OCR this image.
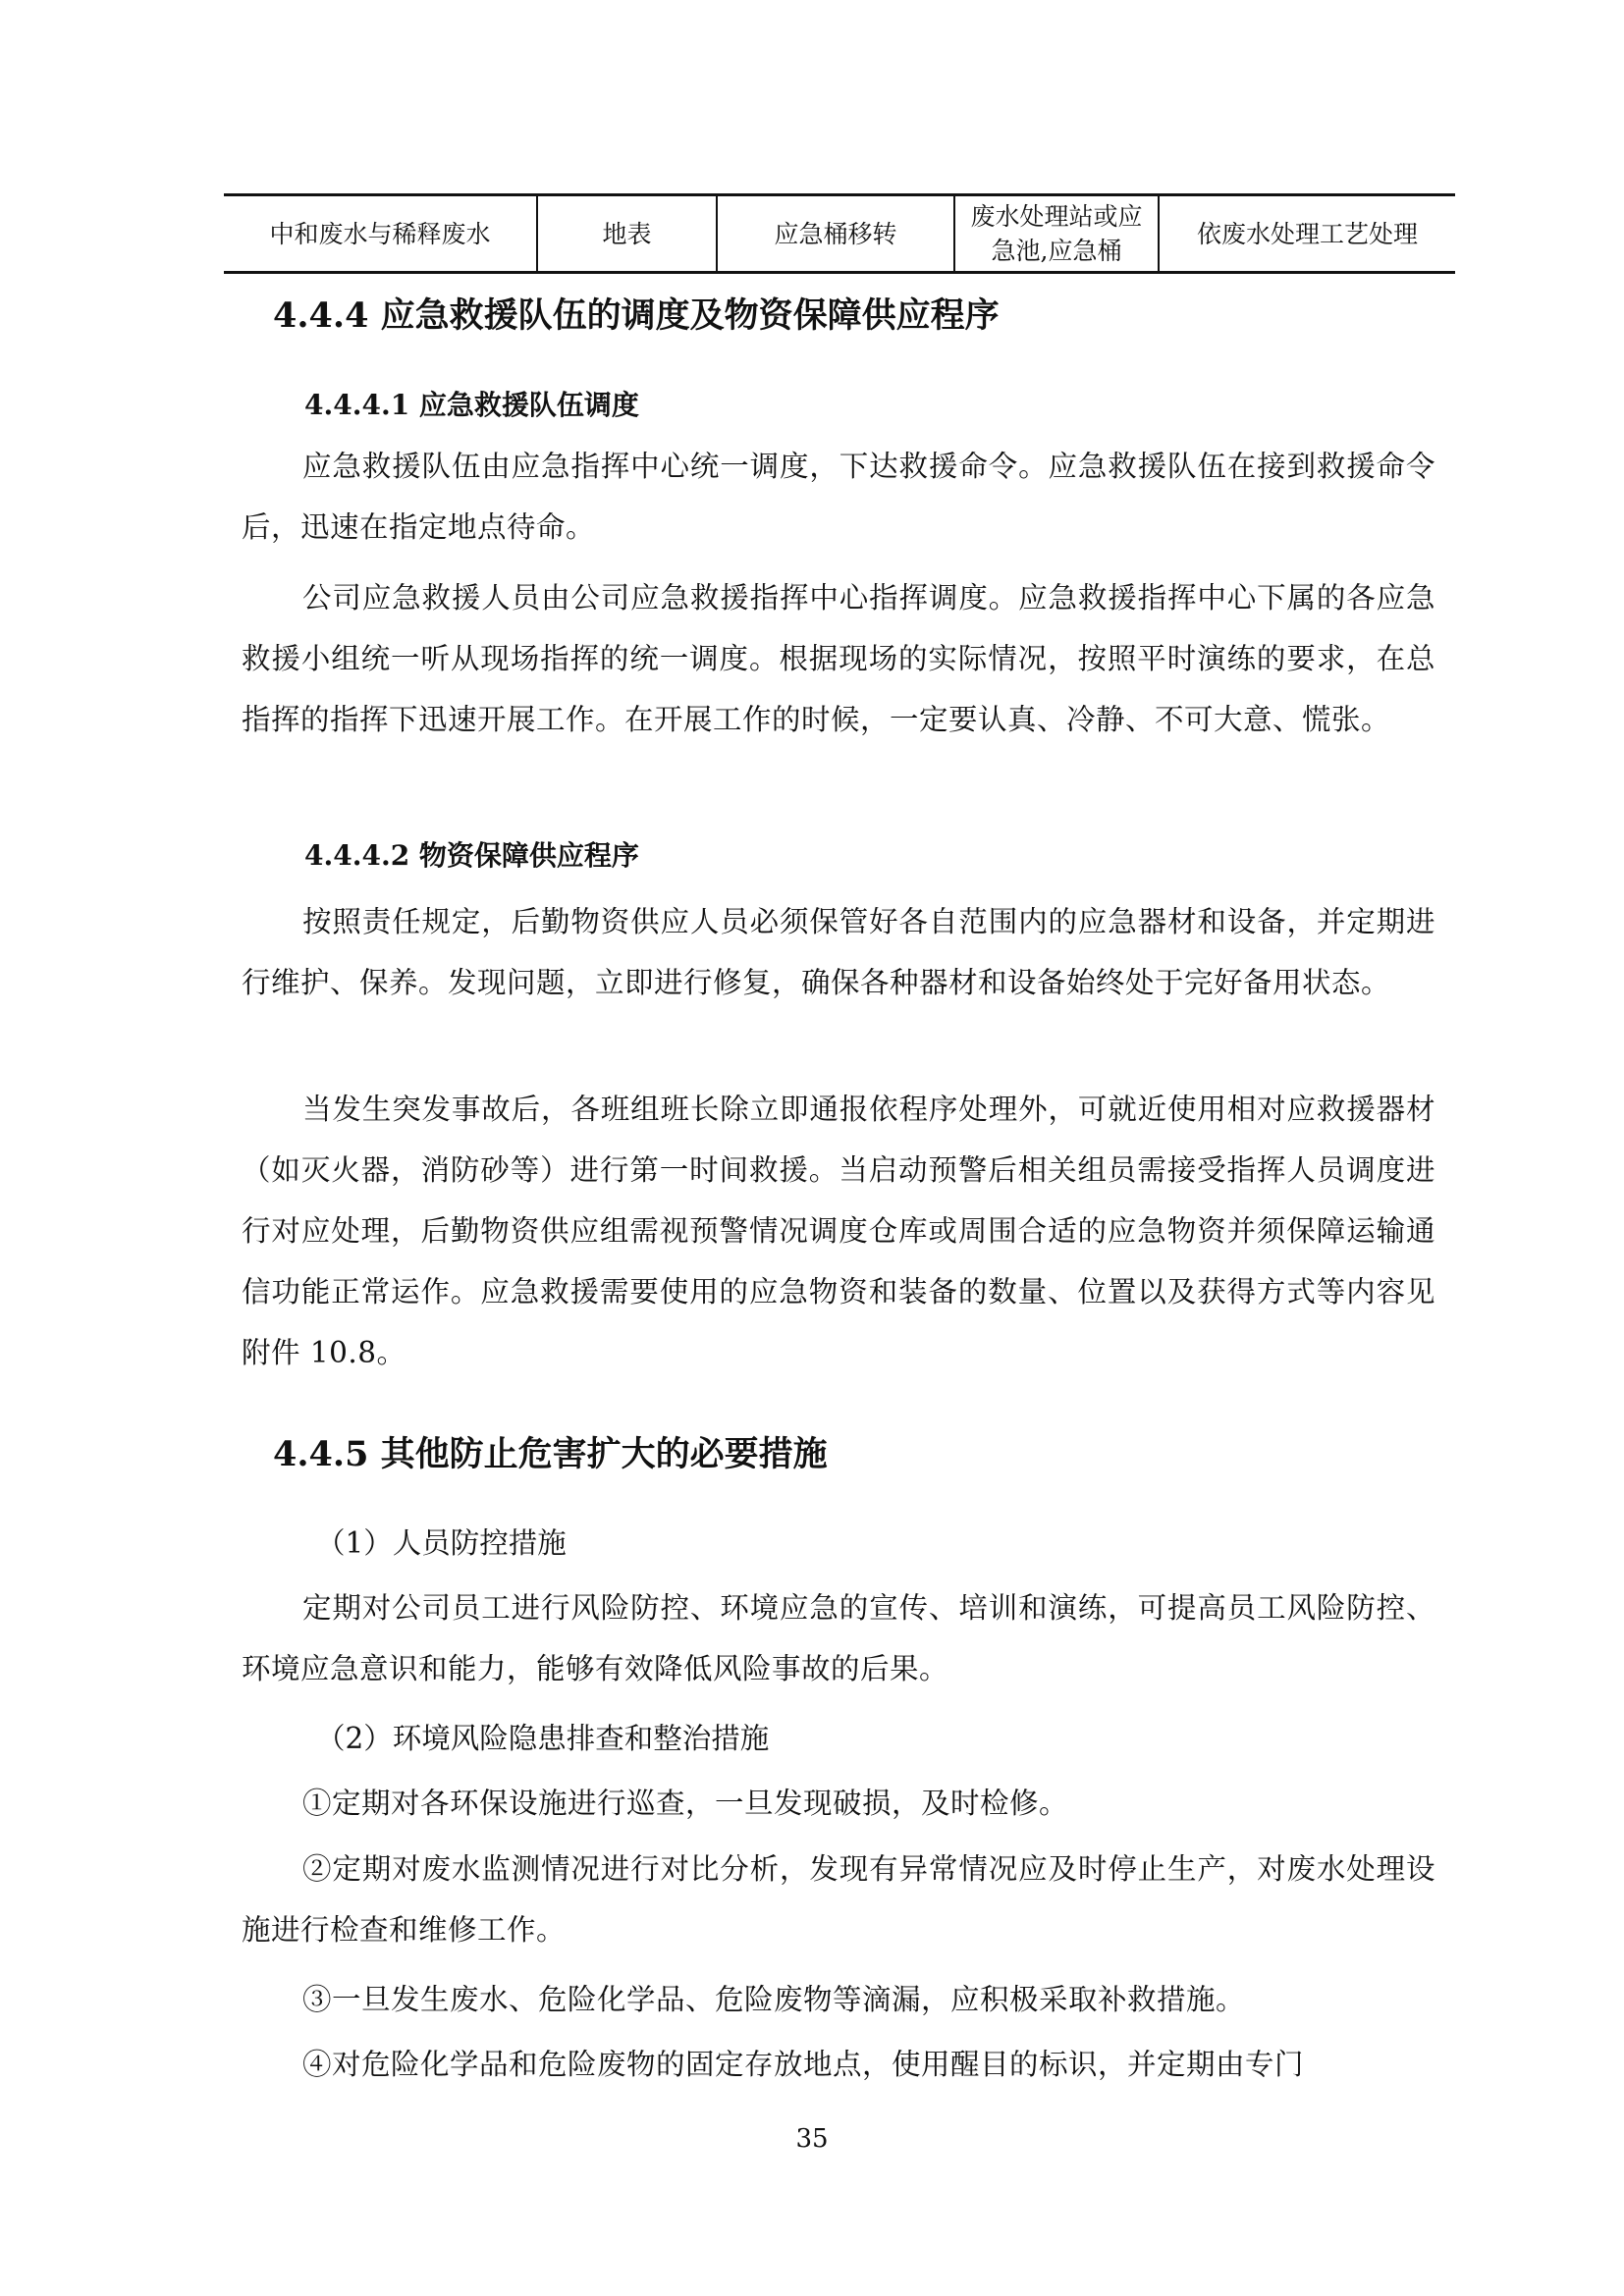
中和废水与稀释废水	地表	应急桶移转	废水处理站或应急池,应急桶	依废水处理工艺处理
4.4.4 应急救援队伍的调度及物资保障供应程序
4.4.4.1 应急救援队伍调度

应急救援队伍由应急指挥中心统一调度，下达救援命令。应急救援队伍在接到救援命令后，迅速在指定地点待命。

公司应急救援人员由公司应急救援指挥中心指挥调度。应急救援指挥中心下属的各应急救援小组统一听从现场指挥的统一调度。根据现场的实际情况，按照平时演练的要求，在总指挥的指挥下迅速开展工作。在开展工作的时候，一定要认真、冷静、不可大意、慌张。

4.4.4.2 物资保障供应程序

按照责任规定，后勤物资供应人员必须保管好各自范围内的应急器材和设备，并定期进行维护、保养。发现问题，立即进行修复，确保各种器材和设备始终处于完好备用状态。

当发生突发事故后，各班组班长除立即通报依程序处理外，可就近使用相对应救援器材（如灭火器，消防砂等）进行第一时间救援。当启动预警后相关组员需接受指挥人员调度进行对应处理，后勤物资供应组需视预警情况调度仓库或周围合适的应急物资并须保障运输通信功能正常运作。应急救援需要使用的应急物资和装备的数量、位置以及获得方式等内容见附件 10.8。

4.4.5 其他防止危害扩大的必要措施

（1）人员防控措施

定期对公司员工进行风险防控、环境应急的宣传、培训和演练，可提高员工风险防控、环境应急意识和能力，能够有效降低风险事故的后果。

（2）环境风险隐患排查和整治措施

①定期对各环保设施进行巡查，一旦发现破损，及时检修。

②定期对废水监测情况进行对比分析，发现有异常情况应及时停止生产，对废水处理设施进行检查和维修工作。

③一旦发生废水、危险化学品、危险废物等滴漏，应积极采取补救措施。

④对危险化学品和危险废物的固定存放地点，使用醒目的标识，并定期由专门

35
